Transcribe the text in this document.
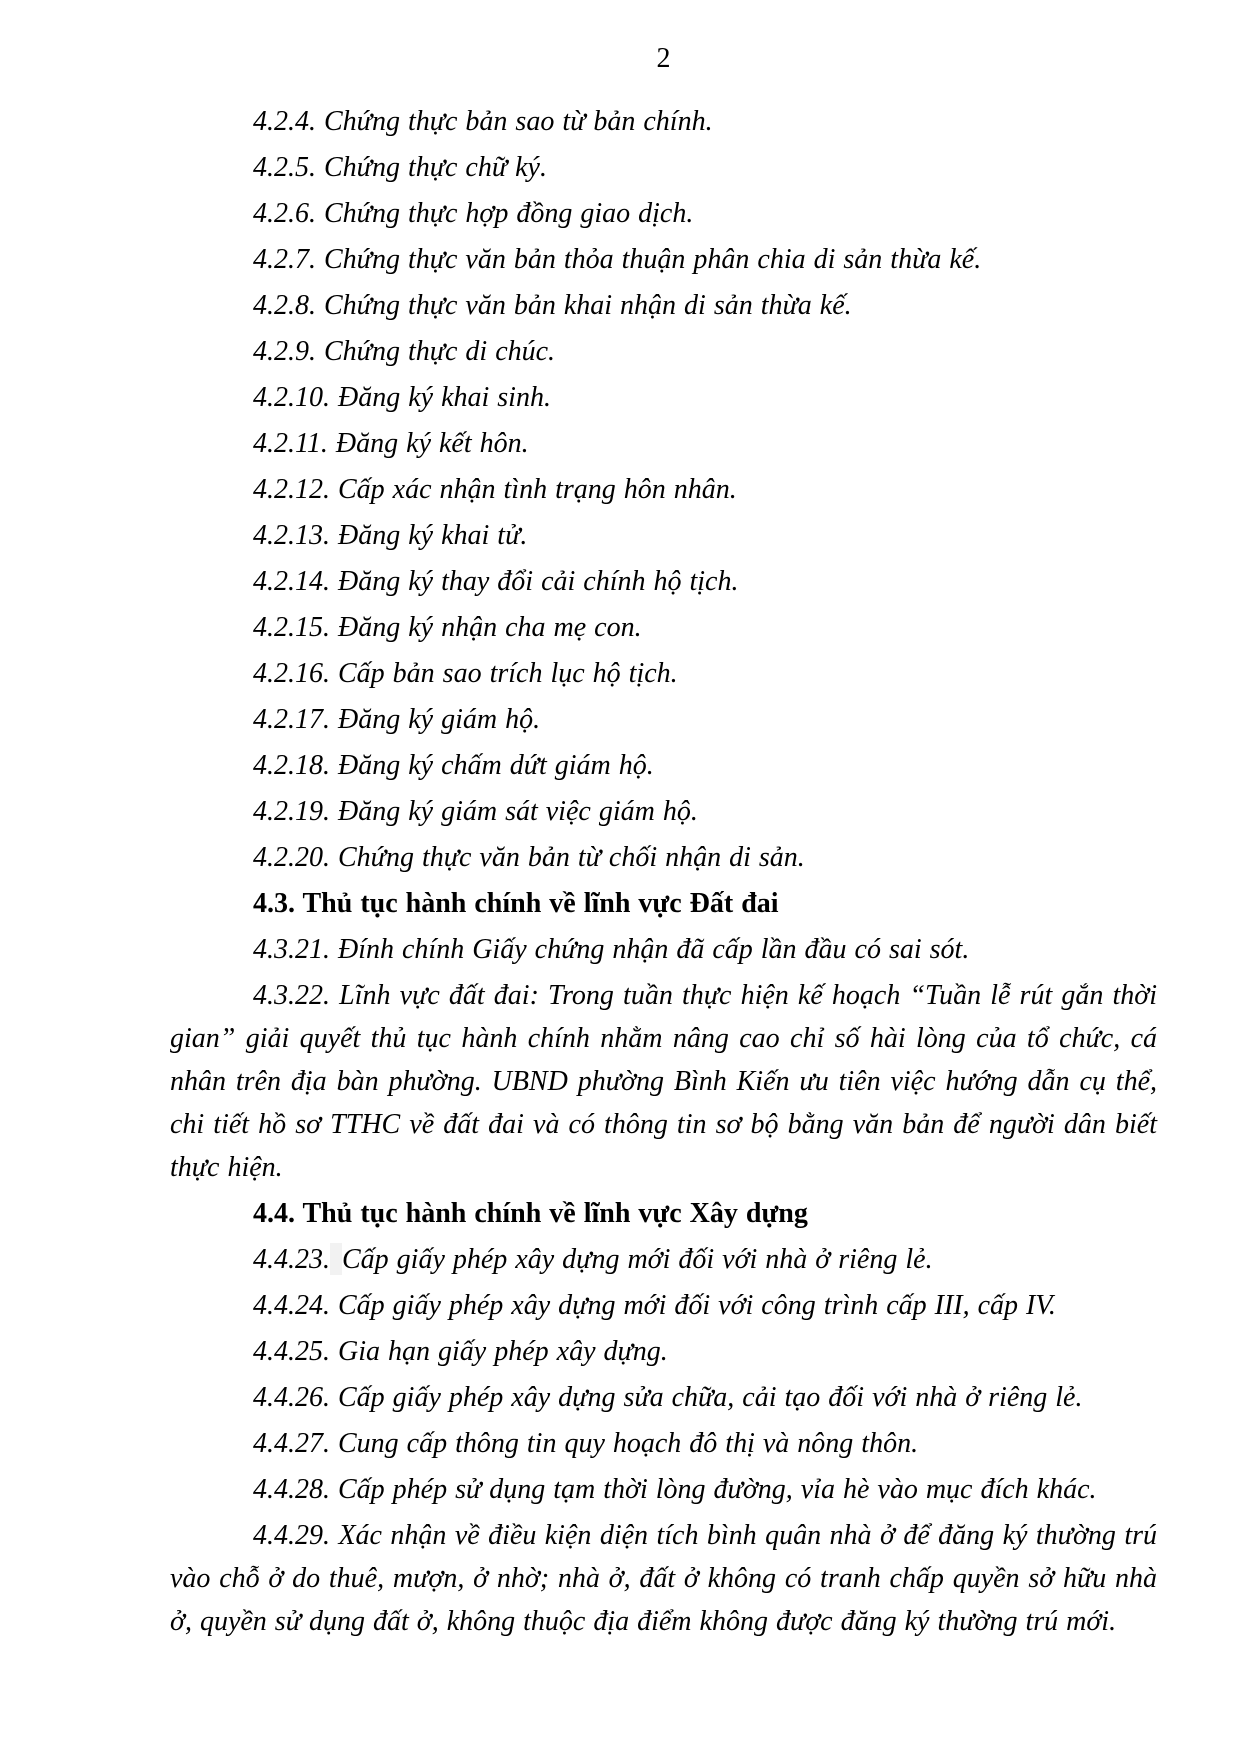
2

4.2.4. Chứng thực bản sao từ bản chính.

4.2.5. Chứng thực chữ ký.

4.2.6. Chứng thực hợp đồng giao dịch.

4.2.7. Chứng thực văn bản thỏa thuận phân chia di sản thừa kế.

4.2.8. Chứng thực văn bản khai nhận di sản thừa kế.

4.2.9. Chứng thực di chúc.

4.2.10. Đăng ký khai sinh.

4.2.11. Đăng ký kết hôn.

4.2.12. Cấp xác nhận tình trạng hôn nhân.

4.2.13. Đăng ký khai tử.

4.2.14. Đăng ký thay đổi cải chính hộ tịch.

4.2.15. Đăng ký nhận cha mẹ con.

4.2.16. Cấp bản sao trích lục hộ tịch.

4.2.17. Đăng ký giám hộ.

4.2.18. Đăng ký chấm dứt giám hộ.

4.2.19. Đăng ký giám sát việc giám hộ.

4.2.20. Chứng thực văn bản từ chối nhận di sản.

4.3. Thủ tục hành chính về lĩnh vực Đất đai

4.3.21. Đính chính Giấy chứng nhận đã cấp lần đầu có sai sót.

4.3.22. Lĩnh vực đất đai: Trong tuần thực hiện kế hoạch “Tuần lễ rút gắn thời gian” giải quyết thủ tục hành chính nhằm nâng cao chỉ số hài lòng của tổ chức, cá nhân trên địa bàn phường. UBND phường Bình Kiến ưu tiên việc hướng dẫn cụ thể, chi tiết hồ sơ TTHC về đất đai và có thông tin sơ bộ bằng văn bản để người dân biết thực hiện.

4.4. Thủ tục hành chính về lĩnh vực Xây dựng

4.4.23. Cấp giấy phép xây dựng mới đối với nhà ở riêng lẻ.

4.4.24. Cấp giấy phép xây dựng mới đối với công trình cấp III, cấp IV.

4.4.25. Gia hạn giấy phép xây dựng.

4.4.26. Cấp giấy phép xây dựng sửa chữa, cải tạo đối với nhà ở riêng lẻ.

4.4.27. Cung cấp thông tin quy hoạch đô thị và nông thôn.

4.4.28. Cấp phép sử dụng tạm thời lòng đường, vỉa hè vào mục đích khác.

4.4.29. Xác nhận về điều kiện diện tích bình quân nhà ở để đăng ký thường trú vào chỗ ở do thuê, mượn, ở nhờ; nhà ở, đất ở không có tranh chấp quyền sở hữu nhà ở, quyền sử dụng đất ở, không thuộc địa điểm không được đăng ký thường trú mới.
